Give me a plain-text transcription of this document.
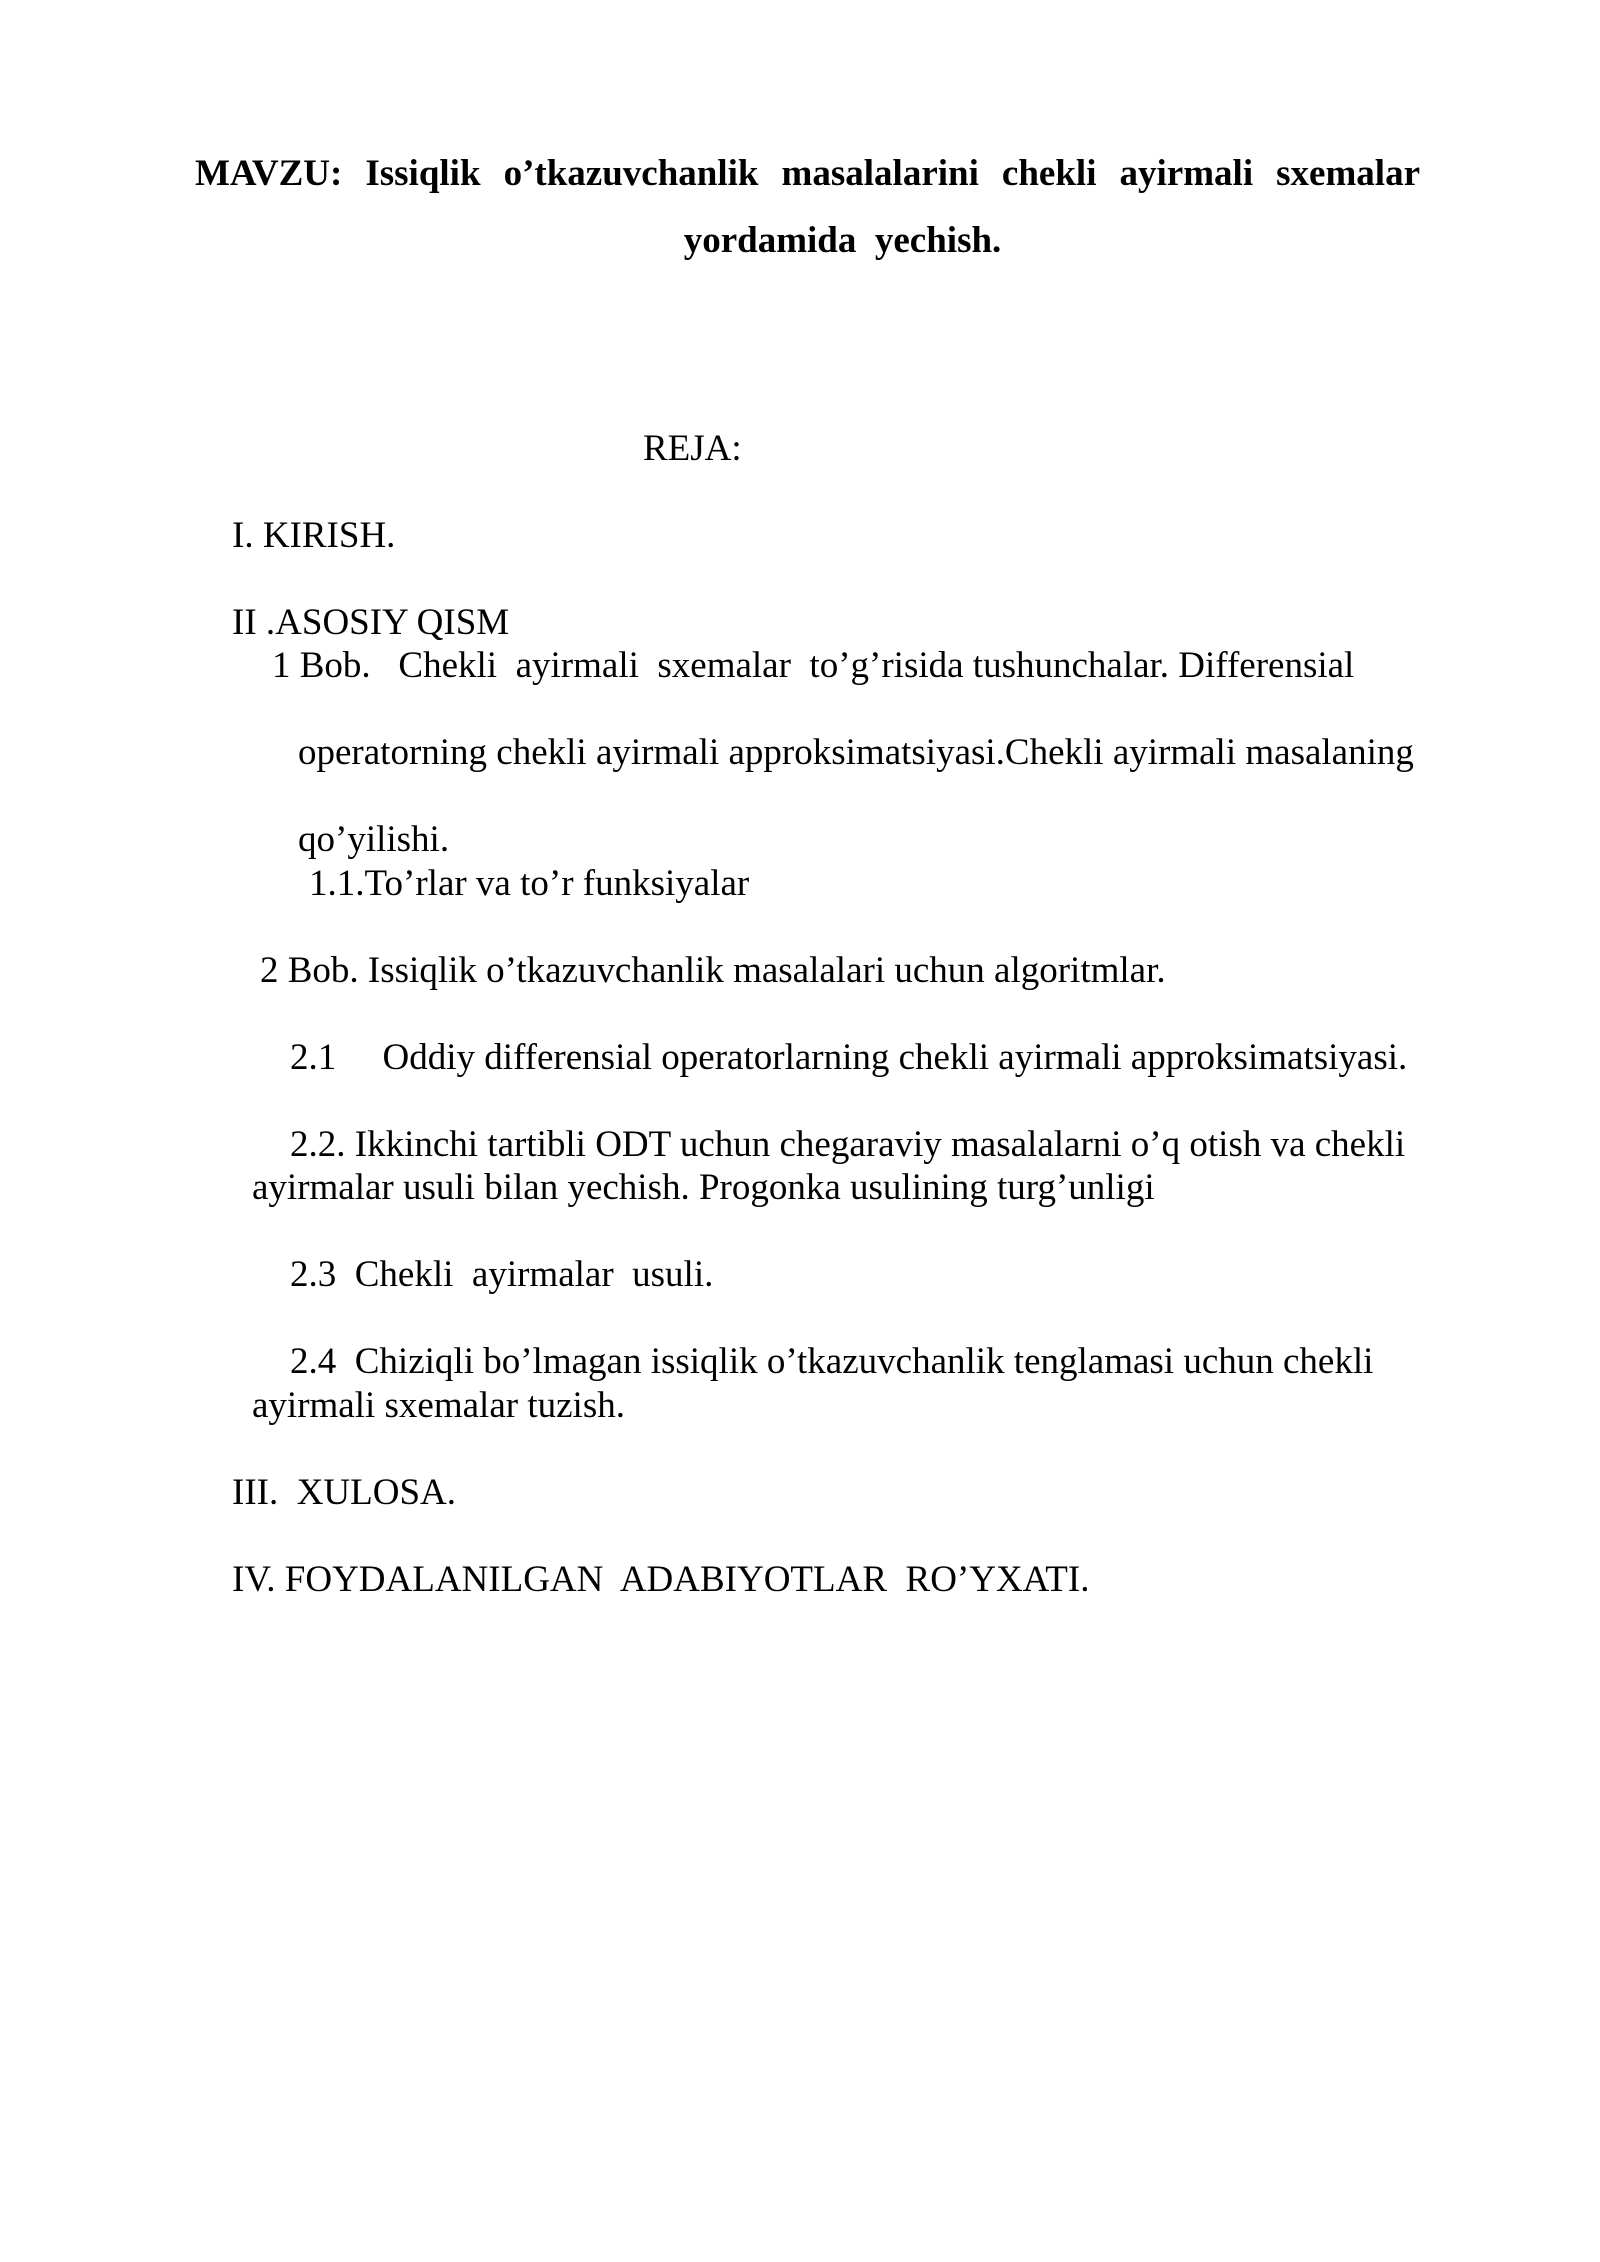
MAVZU: Issiqlik o’tkazuvchanlik masalalarini chekli ayirmali sxemalar
yordamida  yechish.
REJA:
I. KIRISH.
II .ASOSIY QISM
1 Bob.   Chekli  ayirmali  sxemalar  to’g’risida tushunchalar. Differensial
operatorning chekli ayirmali approksimatsiyasi.Chekli ayirmali masalaning
qo’yilishi.
1.1.To’rlar va to’r funksiyalar
2 Bob. Issiqlik o’tkazuvchanlik masalalari uchun algoritmlar.
2.1     Oddiy differensial operatorlarning chekli ayirmali approksimatsiyasi.
2.2. Ikkinchi tartibli ODT uchun chegaraviy masalalarni o’q otish va chekli
ayirmalar usuli bilan yechish. Progonka usulining turg’unligi
2.3  Chekli  ayirmalar  usuli.
2.4  Chiziqli bo’lmagan issiqlik o’tkazuvchanlik tenglamasi uchun chekli
ayirmali sxemalar tuzish.
III.  XULOSA.
IV. FOYDALANILGAN  ADABIYOTLAR  RO’YXATI.
